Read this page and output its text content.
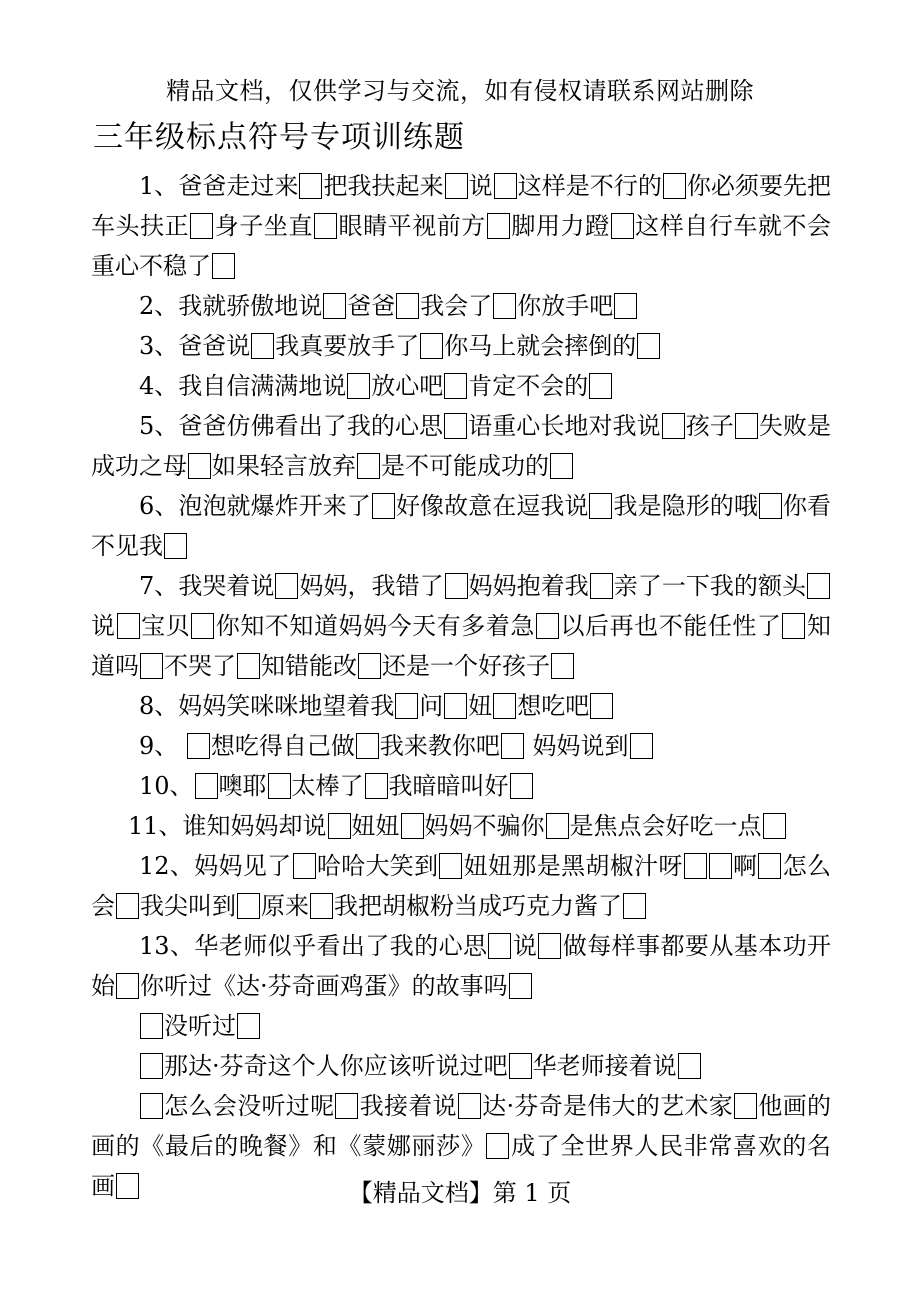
精品文档，仅供学习与交流，如有侵权请联系网站删除
三年级标点符号专项训练题

1、爸爸走过来 把我扶起来 说 这样是不行的 你必须要先把车头扶正 身子坐直 眼睛平视前方 脚用力蹬 这样自行车就不会重心不稳了

2、我就骄傲地说 爸爸 我会了 你放手吧

3、爸爸说 我真要放手了 你马上就会摔倒的

4、我自信满满地说 放心吧 肯定不会的

5、爸爸仿佛看出了我的心思 语重心长地对我说 孩子 失败是成功之母 如果轻言放弃 是不可能成功的

6、泡泡就爆炸开来了 好像故意在逗我说 我是隐形的哦 你看不见我

7、我哭着说 妈妈，我错了 妈妈抱着我 亲了一下我的额头说 宝贝 你知不知道妈妈今天有多着急 以后再也不能任性了 知道吗 不哭了 知错能改 还是一个好孩子

8、妈妈笑咪咪地望着我 问 妞 想吃吧

9、 想吃得自己做 我来教你吧 妈妈说到

10、 噢耶 太棒了 我暗暗叫好

11、谁知妈妈却说 妞妞 妈妈不骗你 是焦点会好吃一点

12、妈妈见了 哈哈大笑到 妞妞那是黑胡椒汁呀 啊 怎么会 我尖叫到 原来 我把胡椒粉当成巧克力酱了

13、华老师似乎看出了我的心思 说 做每样事都要从基本功开始 你听过《达·芬奇画鸡蛋》的故事吗

没听过

那达·芬奇这个人你应该听说过吧 华老师接着说

怎么会没听过呢 我接着说 达·芬奇是伟大的艺术家 他画的画的《最后的晚餐》和《蒙娜丽莎》 成了全世界人民非常喜欢的名画	【精品文档】第 1 页
